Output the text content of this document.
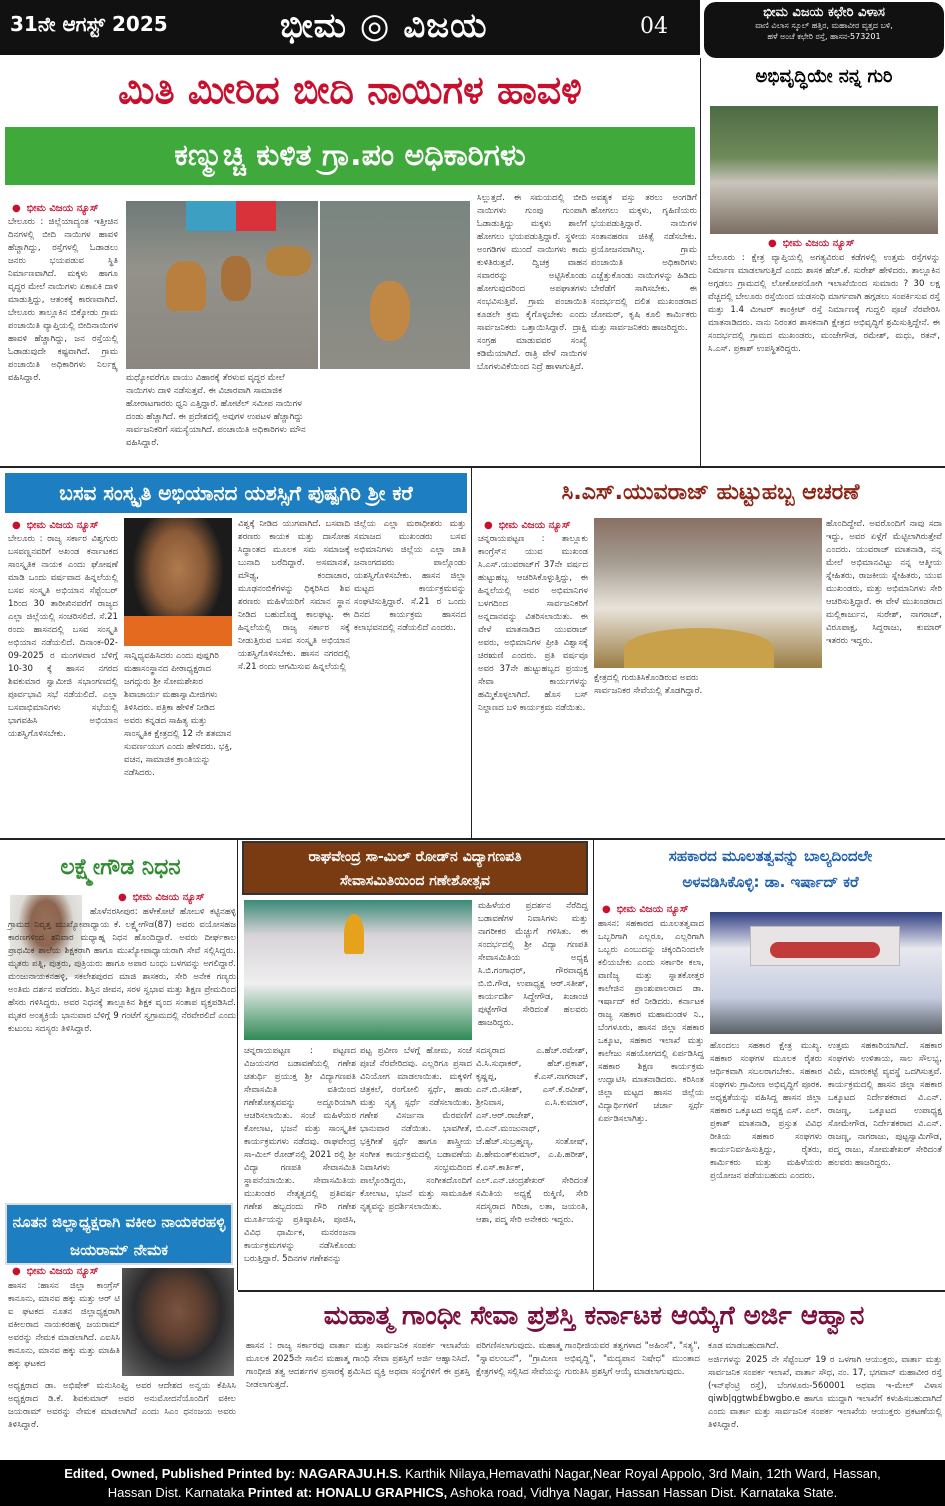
31ನೇ ಆಗಸ್ಟ್ 2025	ಭೀಮ ◎ ವಿಜಯ	04
ಭೀಮ ವಿಜಯ ಕಛೇರಿ ವಿಳಾಸ
ವಾಣಿ ವಿಲಾಸ ಸ್ಕೂಲ್ ಹತ್ತಿರ, ಮಹಾವೀರ ವೃತ್ತದ ಬಳಿ,
ಹಳೆ ಅಂಚೆ ಕಛೇರಿ ರಸ್ತೆ, ಹಾಸನ-573201
ಮಿತಿ ಮೀರಿದ ಬೀದಿ ನಾಯಿಗಳ ಹಾವಳಿ
ಕಣ್ಮುಚ್ಚಿ ಕುಳಿತ ಗ್ರಾ.ಪಂ ಅಧಿಕಾರಿಗಳು
● ಭೀಮ ವಿಜಯ ನ್ಯೂಸ್
ಬೇಲೂರು : ಜಿಲ್ಲೆಯಾದ್ಯಂತ ಇತ್ತೀಚಿನ ದಿನಗಳಲ್ಲಿ ಬೀದಿ ನಾಯಿಗಳ ಹಾವಳಿ ಹೆಚ್ಚಾಗಿದ್ದು, ರಸ್ತೆಗಳಲ್ಲಿ ಓಡಾಡಲು ಜನರು ಭಯಪಡುವ ಸ್ಥಿತಿ ನಿರ್ಮಾಣವಾಗಿದೆ. ಮಕ್ಕಳು ಹಾಗೂ ವೃದ್ಧರ ಮೇಲೆ ನಾಯಿಗಳು ಏಕಾಏಕಿ ದಾಳಿ ಮಾಡುತ್ತಿದ್ದು, ಆತಂಕಕ್ಕೆ ಕಾರಣವಾಗಿದೆ. ಬೇಲೂರು ತಾಲ್ಲೂಕಿನ ಬಿಕ್ಕೋಡು ಗ್ರಾಮ ಪಂಚಾಯಿತಿ ವ್ಯಾಪ್ತಿಯಲ್ಲಿ ಬೀದಿನಾಯಿಗಳ ಹಾವಳಿ ಹೆಚ್ಚಾಗಿದ್ದು, ಜನ ರಸ್ತೆಯಲ್ಲಿ ಓಡಾಡುವುದೇ ಕಷ್ಟವಾಗಿದೆ. ಗ್ರಾಮ ಪಂಚಾಯಿತಿ ಅಧಿಕಾರಿಗಳು ನಿರ್ಲಕ್ಷ್ಯ ವಹಿಸಿದ್ದಾರೆ.	ಮಧ್ಯೋವರೆಗೂ ವಾಯು ವಿಹಾರಕ್ಕೆ ತೆರಳುವ ವೃದ್ಧರ ಮೇಲೆ ನಾಯಿಗಳು ದಾಳಿ ನಡೆಸುತ್ತವೆ. ಈ ವಿಚಾರವಾಗಿ ಸಾಮಾಜಿಕ ಹೋರಾಟಗಾರರು ಧ್ವನಿ ಎತ್ತಿದ್ದಾರೆ. ಹೋಟೆಲ್ ಸಮೀಪ ನಾಯಿಗಳ ದಂಡು ಹೆಚ್ಚಾಗಿದೆ. ಈ ಪ್ರದೇಶದಲ್ಲಿ ಅವುಗಳ ಉಪಟಳ ಹೆಚ್ಚಾಗಿದ್ದು ಸಾರ್ವಜನಿಕರಿಗೆ ಸಮಸ್ಯೆಯಾಗಿದೆ. ಪಂಚಾಯಿತಿ ಅಧಿಕಾರಿಗಳು ಮೌನ ವಹಿಸಿದ್ದಾರೆ.
ಸಿಲ್ಲುತ್ತದೆ. ಈ ಸಮಯದಲ್ಲಿ ಬೀದಿ ನಾಯಿಗಳು ಗುಂಪು ಗುಂಪಾಗಿ ಓಡಾಡುತ್ತಿದ್ದು ಮಕ್ಕಳು ಶಾಲೆಗೆ ಹೋಗಲು ಭಯಪಡುತ್ತಿದ್ದಾರೆ. ಸ್ಥಳೀಯ ಅಂಗಡಿಗಳ ಮುಂದೆ ನಾಯಿಗಳು ಕಾದು ಕುಳಿತಿರುತ್ತವೆ. ದ್ವಿಚಕ್ರ ವಾಹನ ಸವಾರರನ್ನು ಅಟ್ಟಿಸಿಕೊಂಡು ಹೋಗುವುದರಿಂದ ಅಪಘಾತಗಳು ಸಂಭವಿಸುತ್ತಿವೆ. ಗ್ರಾಮ ಪಂಚಾಯಿತಿ ಕೂಡಲೇ ಕ್ರಮ ಕೈಗೊಳ್ಳಬೇಕು ಎಂದು ಸಾರ್ವಜನಿಕರು ಒತ್ತಾಯಿಸಿದ್ದಾರೆ. ದ್ರಾಕ್ಷಿ ಸಂಗ್ರಹ ಮಾಡುವವರ ಸಂಖ್ಯೆ ಕಡಿಮೆಯಾಗಿದೆ. ರಾತ್ರಿ ವೇಳೆ ನಾಯಿಗಳ ಬೊಗಳುವಿಕೆಯಿಂದ ನಿದ್ರೆ ಹಾಳಾಗುತ್ತಿದೆ.
ಅವಶ್ಯಕ ವಸ್ತು ತರಲು ಅಂಗಡಿಗೆ ಹೋಗಲು ಮಕ್ಕಳು, ಗೃಹಿಣಿಯರು ಭಯಪಡುತ್ತಿದ್ದಾರೆ. ನಾಯಿಗಳ ಸಂತಾನಹರಣ ಚಿಕಿತ್ಸೆ ನಡೆಸಬೇಕು. ಪ್ರಯೋಜನವಾಗಿಲ್ಲ. ಗ್ರಾಮ ಪಂಚಾಯಿತಿ ಅಧಿಕಾರಿಗಳು ಎಚ್ಚೆತ್ತುಕೊಂಡು ನಾಯಿಗಳನ್ನು ಹಿಡಿದು ಬೇರೆಡೆಗೆ ಸಾಗಿಸಬೇಕು. ಈ ಸಂದರ್ಭದಲ್ಲಿ ದಲಿತ ಮುಖಂಡರಾದ ಜೋಮರ್, ಕೃಷಿ ಕೂಲಿ ಕಾರ್ಮಿಕರು ಮತ್ತು ಸಾರ್ವಜನಿಕರು ಹಾಜರಿದ್ದರು.
ಅಭಿವೃದ್ಧಿಯೇ ನನ್ನ ಗುರಿ
● ಭೀಮ ವಿಜಯ ನ್ಯೂಸ್
ಬೇಲೂರು : ಕ್ಷೇತ್ರ ವ್ಯಾಪ್ತಿಯಲ್ಲಿ ಅಗತ್ಯವಿರುವ ಕಡೆಗಳಲ್ಲಿ ಉತ್ತಮ ರಸ್ತೆಗಳನ್ನು ನಿರ್ಮಾಣ ಮಾಡಲಾಗುತ್ತಿದೆ ಎಂದು ಶಾಸಕ ಹೆಚ್.ಕೆ. ಸುರೇಶ್ ಹೇಳಿದರು. ತಾಲ್ಲೂಕಿನ ಅಗ್ಗಡಲು ಗ್ರಾಮದಲ್ಲಿ ಲೋಕೋಪಯೋಗಿ ಇಲಾಖೆಯಿಂದ ಸುಮಾರು ? 30 ಲಕ್ಷ ವೆಚ್ಚದಲ್ಲಿ ಬೇಲೂರು ರಸ್ತೆಯಿಂದ ಯಡಸಂಧಿ ಮಾರ್ಗವಾಗಿ ಹಗ್ಗಡಲು ಸಂಪರ್ಕಿಸುವ ರಸ್ತೆ ಮತ್ತು 1.4 ಮೀಟರ್ ಕಾಂಕ್ರೀಟ್ ರಸ್ತೆ ನಿರ್ಮಾಣಕ್ಕೆ ಗುದ್ದಲಿ ಪೂಜೆ ನೆರವೇರಿಸಿ ಮಾತನಾಡಿದರು. ನಾನು ನಿರಂತರ ಶಾಸಕನಾಗಿ ಕ್ಷೇತ್ರದ ಅಭಿವೃದ್ಧಿಗೆ ಶ್ರಮಿಸುತ್ತಿದ್ದೇನೆ. ಈ ಸಂದರ್ಭದಲ್ಲಿ ಗ್ರಾಮದ ಮುಖಂಡರು, ಮಂಜೇಗೌಡ, ರಮೇಶ್, ಮಧು, ರತನ್, ಸಿ.ಎಸ್. ಪ್ರಕಾಶ್ ಉಪಸ್ಥಿತರಿದ್ದರು.
ಬಸವ ಸಂಸ್ಕೃತಿ ಅಭಿಯಾನದ ಯಶಸ್ಸಿಗೆ ಪುಷ್ಪಗಿರಿ ಶ್ರೀ ಕರೆ
● ಭೀಮ ವಿಜಯ ನ್ಯೂಸ್
ಬೇಲೂರು : ರಾಜ್ಯ ಸರ್ಕಾರ ವಿಶ್ವಗುರು ಬಸವಣ್ಣನವರಿಗೆ ಅಖಂಡ ಕರ್ನಾಟಕದ ಸಾಂಸ್ಕೃತಿಕ ನಾಯಕ ಎಂದು ಘೋಷಣೆ ಮಾಡಿ ಒಂದು ವರ್ಷವಾದ ಹಿನ್ನಲೆಯಲ್ಲಿ ಬಸವ ಸಂಸ್ಕೃತಿ ಅಭಿಯಾನ ಸೆಪ್ಟೆಂಬರ್ 1ರಿಂದ 30 ತಾರೀಖಿನವರೆಗೆ ರಾಜ್ಯದ ಎಲ್ಲಾ ಜಿಲ್ಲೆಯಲ್ಲಿ ಸಂಚರಿಸಲಿದೆ. ಸೆ.21 ರಂದು ಹಾಸನದಲ್ಲಿ ಬಸವ ಸಂಸ್ಕೃತಿ ಅಭಿಯಾನ ನಡೆಯಲಿದೆ. ದಿನಾಂಕ-02-09-2025 ರ ಮಂಗಳವಾರ ಬೆಳಿಗ್ಗೆ 10-30 ಕ್ಕೆ ಹಾಸನ ನಗರದ ಶಿವಕುಮಾರ ಸ್ವಾಮೀಜಿ ಸಭಾಂಗಣದಲ್ಲಿ ಪೂರ್ವಭಾವಿ ಸಭೆ ನಡೆಯಲಿದೆ. ಎಲ್ಲಾ ಬಸವಾಭಿಮಾನಿಗಳು ಸಭೆಯಲ್ಲಿ ಭಾಗವಹಿಸಿ ಅಭಿಯಾನ ಯಶಸ್ವಿಗೊಳಿಸಬೇಕು.
ಸಾನ್ನಿಧ್ಯವಹಿಸಿದರು ಎಂದು ಪುಷ್ಪಗಿರಿ ಮಹಾಸಂಸ್ಥಾನದ ಪೀಠಾಧ್ಯಕ್ಷರಾದ ಜಗದ್ಗುರು ಶ್ರೀ ಸೋಮಶೇಖರ ಶಿವಾಚಾರ್ಯ ಮಹಾಸ್ವಾಮೀಜಿಗಳು ತಿಳಿಸಿದರು. ಪತ್ರಿಕಾ ಹೇಳಿಕೆ ನೀಡಿದ ಅವರು ಕನ್ನಡದ ಸಾಹಿತ್ಯ ಮತ್ತು ಸಾಂಸ್ಕೃತಿಕ ಕ್ಷೇತ್ರದಲ್ಲಿ 12 ನೇ ಶತಮಾನ ಸುವರ್ಣಯುಗ ಎಂದು ಹೇಳಿದರು. ಭಕ್ತಿ, ವಚನ, ಸಾಮಾಜಿಕ ಕ್ರಾಂತಿಯನ್ನು ನಡೆಸಿದರು.
ವಿಶ್ವಕ್ಕೆ ನೀಡಿದ ಯುಗವಾಗಿದೆ. ಬಸವಾದಿ ಶರಣರು ಕಾಯಕ ಮತ್ತು ದಾಸೋಹ ಸಿದ್ಧಾಂತದ ಮೂಲಕ ಸಮ ಸಮಾಜಕ್ಕೆ ಬುನಾದಿ ಬರೆದಿದ್ದಾರೆ. ಅಸಮಾನತೆ, ಮೌಢ್ಯ, ಕಂದಾಚಾರ, ಮೂಢನಂಬಿಕೆಗಳನ್ನು ಧಿಕ್ಕರಿಸಿದ ಶಿವ ಶರಣರು ಮಹಿಳೆಯರಿಗೆ ಸಮಾನ ಸ್ಥಾನ ನೀಡಿದ ಬಹುದೊಡ್ಡ ಕಾಲಘಟ್ಟ. ಈ ಹಿನ್ನಲೆಯಲ್ಲಿ ರಾಜ್ಯ ಸರ್ಕಾರ ಸಕ್ಕೆ ನೀಡುತ್ತಿರುವ ಬಸವ ಸಂಸ್ಕೃತಿ ಅಭಿಯಾನ ಯಶಸ್ವಿಗೊಳಿಸಬೇಕು. ಹಾಸನ ನಗರದಲ್ಲಿ ಸೆ.21 ರಂದು ಆಗಮಿಸುವ ಹಿನ್ನಲೆಯಲ್ಲಿ
ಜಿಲ್ಲೆಯ ಎಲ್ಲಾ ಮಠಾಧೀಶರು ಮತ್ತು ಸಮಾಜದ ಮುಖಂಡರು ಬಸವ ಅಭಿಮಾನಿಗಳು ಜಿಲ್ಲೆಯ ಎಲ್ಲಾ ಜಾತಿ ಜನಾಂಗದವರು ಪಾಲ್ಗೊಂಡು ಯಶಸ್ವಿಗೊಳಿಸಬೇಕು. ಹಾಸನ ಜಿಲ್ಲಾ ಮಟ್ಟದ ಕಾರ್ಯಕ್ರಮವನ್ನು ಸಂಘಟಿಸುತ್ತಿದ್ದಾರೆ. ಸೆ.21 ರ ಒಂದು ದಿನದ ಕಾರ್ಯಕ್ರಮ ಹಾಸನದ ಕಲಾಭವನದಲ್ಲಿ ನಡೆಯಲಿದೆ ಎಂದರು.
ಸಿ.ಎಸ್.ಯುವರಾಜ್ ಹುಟ್ಟುಹಬ್ಬ ಆಚರಣೆ
● ಭೀಮ ವಿಜಯ ನ್ಯೂಸ್
ಚನ್ನರಾಯಪಟ್ಟಣ : ತಾಲ್ಲೂಕು ಕಾಂಗ್ರೆಸ್‌ನ ಯುವ ಮುಖಂಡ ಸಿ.ಎಸ್.ಯುವರಾಜ್‌ಗೆ 37ನೇ ವರ್ಷದ ಹುಟ್ಟುಹಬ್ಬ ಆಚರಿಸಿಕೊಳ್ಳುತ್ತಿದ್ದು, ಈ ಹಿನ್ನಲೆಯಲ್ಲಿ ಅವರ ಅಭಿಮಾನಿಗಳ ಬಳಗದಿಂದ ಸಾರ್ವಜನಿಕರಿಗೆ ಅನ್ನದಾನವನ್ನು ವಿತರಿಸಲಾಯಿತು. ಈ ವೇಳೆ ಮಾತನಾಡಿದ ಯುವರಾಜ್ ಅವರು, ಅಭಿಮಾನಿಗಳ ಪ್ರೀತಿ ವಿಶ್ವಾಸಕ್ಕೆ ಚಿರಋಣಿ ಎಂದರು. ಪ್ರತಿ ವರ್ಷವೂ ಅವರ 37ನೇ ಹುಟ್ಟುಹಬ್ಬದ ಪ್ರಯುಕ್ತ ಸೇವಾ ಕಾರ್ಯಗಳನ್ನು ಹಮ್ಮಿಕೊಳ್ಳಲಾಗಿದೆ. ಹೊಸ ಬಸ್ ನಿಲ್ದಾಣದ ಬಳಿ ಕಾರ್ಯಕ್ರಮ ನಡೆಯಿತು.
ಕ್ಷೇತ್ರದಲ್ಲಿ ಗುರುತಿಸಿಕೊಂಡಿರುವ ಅವರು ಸಾರ್ವಜನಿಕರ ಸೇವೆಯಲ್ಲಿ ತೊಡಗಿದ್ದಾರೆ.
ಹೊಂದಿದ್ದೇವೆ. ಅವರೊಂದಿಗೆ ನಾವು ಸದಾ ಇದ್ದು, ಅವರ ಏಳ್ಗೆಗೆ ಮೆಟ್ಟಿಲಾಗಿರುತ್ತೇವೆ ಎಂದರು. ಯುವರಾಜ್ ಮಾತನಾಡಿ, ನನ್ನ ಮೇಲೆ ಅಭಿಮಾನವಿಟ್ಟು ನನ್ನ ಆತ್ಮೀಯ ಸ್ನೇಹಿತರು, ರಾಜಕೀಯ ಸ್ನೇಹಿತರು, ಯುವ ಮುಖಂಡರು, ಮತ್ತು ಅಭಿಮಾನಿಗಳು ಸೇರಿ ಆಚರಿಸುತ್ತಿದ್ದಾರೆ. ಈ ವೇಳೆ ಮುಖಂಡರಾದ ಮಲ್ಲಿಕಾರ್ಜುನ, ಸುರೇಶ್, ನಾಗರಾಜ್, ವಿರೂಪಾಕ್ಷ, ಸಿದ್ದರಾಜು, ಕುಮಾರ್ ಇತರರು ಇದ್ದರು.
ಲಕ್ಷ್ಮೇಗೌಡ ನಿಧನ
● ಭೀಮ ವಿಜಯ ನ್ಯೂಸ್
ಹೊಳೆನರಸೀಪುರ: ಹಳೇಕೋಟೆ ಹೋಬಳಿ ಕಟ್ಟಿನಹಳ್ಳಿ ಗ್ರಾಮದ ನಿವೃತ್ತ ಮುಖ್ಯೋಪಾಧ್ಯಾಯ ಕೆ. ಲಕ್ಷ್ಮೇಗೌಡ(87) ಅವರು ವಯೋಸಹಜ ಕಾರಣಗಳಿಂದ ಶನಿವಾರ ಮಧ್ಯಾಹ್ನ ನಿಧನ ಹೊಂದಿದ್ದಾರೆ. ಅವರು ದೀರ್ಘಕಾಲ ಪ್ರಾಥಮಿಕ ಶಾಲೆಯ ಶಿಕ್ಷಕರಾಗಿ ಹಾಗೂ ಮುಖ್ಯೋಪಾಧ್ಯಾಯರಾಗಿ ಸೇವೆ ಸಲ್ಲಿಸಿದ್ದರು. ಮೃತರು ಪತ್ನಿ, ಪುತ್ರರು, ಪುತ್ರಿಯರು ಹಾಗೂ ಅಪಾರ ಬಂಧು ಬಳಗವನ್ನು ಅಗಲಿದ್ದಾರೆ. ಮಂಜುನಾಯಕನಹಳ್ಳಿ, ಸಕಲೇಶಪುರದ ಮಾಜಿ ಶಾಸಕರು, ಸೇರಿ ಅನೇಕ ಗಣ್ಯರು ಅಂತಿಮ ದರ್ಶನ ಪಡೆದರು. ಶಿಸ್ತಿನ ಜೀವನ, ಸರಳ ಸ್ವಭಾವ ಮತ್ತು ಶಿಕ್ಷಣ ಪ್ರೇಮದಿಂದ ಹೆಸರು ಗಳಿಸಿದ್ದರು. ಅವರ ನಿಧನಕ್ಕೆ ತಾಲ್ಲೂಕಿನ ಶಿಕ್ಷಕ ವೃಂದ ಸಂತಾಪ ವ್ಯಕ್ತಪಡಿಸಿದೆ. ಮೃತರ ಅಂತ್ಯಕ್ರಿಯೆ ಭಾನುವಾರ ಬೆಳಿಗ್ಗೆ 9 ಗಂಟೆಗೆ ಸ್ವಗ್ರಾಮದಲ್ಲಿ ನೆರವೇರಲಿದೆ ಎಂದು ಕುಟುಂಬ ಸದಸ್ಯರು ತಿಳಿಸಿದ್ದಾರೆ.
ನೂತನ ಜಿಲ್ಲಾಧ್ಯಕ್ಷರಾಗಿ ವಕೀಲ ನಾಯಕರಹಳ್ಳಿ ಜಯರಾಮ್ ನೇಮಕ
● ಭೀಮ ವಿಜಯ ನ್ಯೂಸ್
ಹಾಸನ :ಹಾಸನ ಜಿಲ್ಲಾ ಕಾಂಗ್ರೆಸ್ ಕಾನೂನು, ಮಾನವ ಹಕ್ಕು ಮತ್ತು ಆರ್ ಟಿ ಐ ಘಟಕದ ನೂತನ ಜಿಲ್ಲಾಧ್ಯಕ್ಷರಾಗಿ ವಕೀಲರಾದ ನಾಯಕರಹಳ್ಳಿ ಜಯರಾಮ್ ಅವರನ್ನು ನೇಮಕ ಮಾಡಲಾಗಿದೆ. ಎಐಸಿಸಿ ಕಾನೂನು, ಮಾನವ ಹಕ್ಕು ಮತ್ತು ಮಾಹಿತಿ ಹಕ್ಕು ಘಟಕದ
ಅಧ್ಯಕ್ಷರಾದ ಡಾ. ಅಭಿಷೇಕ್ ಮನುಸಿಂಘ್ವಿ ಅವರ ಆದೇಶದ ಅನ್ವಯ ಕೆಪಿಸಿಸಿ ಅಧ್ಯಕ್ಷರಾದ ಡಿ.ಕೆ. ಶಿವಕುಮಾರ್ ಅವರ ಅನುಮೋದನೆಯೊಂದಿಗೆ ವಕೀಲ ಜಯರಾಮ್ ಅವರನ್ನು ನೇಮಕ ಮಾಡಲಾಗಿದೆ ಎಂದು ಸಿಎಂ ಧನಂಜಯ ಅವರು ತಿಳಿಸಿದ್ದಾರೆ.
ರಾಘವೇಂದ್ರ ಸಾ-ಮಿಲ್ ರೋಡ್‌ನ ವಿದ್ಯಾಗಣಪತಿ
ಸೇವಾಸಮಿತಿಯಿಂದ ಗಣೇಶೋತ್ಸವ
ಮಹಿಳೆಯರ ಪ್ರದರ್ಶನ ನೆರೆದಿದ್ದ ಬಡಾವಣೆಗಳ ನಿವಾಸಿಗಳು ಮತ್ತು ನಾಗರೀಕರ ಮೆಚ್ಚುಗೆ ಗಳಿಸಿತು. ಈ ಸಂದರ್ಭದಲ್ಲಿ ಶ್ರೀ ವಿದ್ಯಾ ಗಣಪತಿ ಸೇವಾಸಮಿತಿಯ ಅಧ್ಯಕ್ಷ ಸಿ.ಬಿ.ಗಂಗಾಧರ್, ಗೌರವಾಧ್ಯಕ್ಷ ಬಿ.ಬಿ.ಗೌಡ, ಉಪಾಧ್ಯಕ್ಷ ಆರ್.ಸತೀಶ್, ಕಾರ್ಯದರ್ಶಿ ಸಿದ್ದೇಗೌಡ, ಖಜಾಂಚಿ ಪುಟ್ಟೇಗೌಡ ಸೇರಿದಂತೆ ಹಲವರು ಹಾಜರಿದ್ದರು.
ಚನ್ನರಾಯಪಟ್ಟಣ : ಪಟ್ಟಣದ ವಿಜಯನಗರ ಬಡಾವಣೆಯಲ್ಲಿ ಗಣೇಶ ಚತುರ್ಥಿ ಪ್ರಯುಕ್ತ ಶ್ರೀ ವಿದ್ಯಾಗಣಪತಿ ಸೇವಾಸಮಿತಿ ವತಿಯಿಂದ ಗಣೇಶೋತ್ಸವವನ್ನು ಅದ್ದೂರಿಯಾಗಿ ಆಚರಿಸಲಾಯಿತು. ಸಂಜೆ ಮಹಿಳೆಯರ ಕೋಲಾಟ, ಭಜನೆ ಮತ್ತು ಸಾಂಸ್ಕೃತಿಕ ಕಾರ್ಯಕ್ರಮಗಳು ನಡೆದವು. ರಾಘವೇಂದ್ರ ಸಾ-ಮಿಲ್ ರೋಡ್‌ನಲ್ಲಿ 2021 ರಲ್ಲಿ ಶ್ರೀ ವಿದ್ಯಾ ಗಣಪತಿ ಸೇವಾಸಮಿತಿ ಸ್ಥಾಪನೆಯಾಯಿತು. ಸೇವಾಸಮಿತಿಯ ಮುಖಂಡರ ನೇತೃತ್ವದಲ್ಲಿ ಪ್ರತಿವರ್ಷ ಗಣೇಶ ಹಬ್ಬದಂದು ಗೌರಿ ಗಣೇಶ ಮೂರ್ತಿಯನ್ನು ಪ್ರತಿಷ್ಠಾಪಿಸಿ, ಪೂಜಿಸಿ, ವಿವಿಧ ಧಾರ್ಮಿಕ, ಮನರಂಜನಾ ಕಾರ್ಯಕ್ರಮಗಳನ್ನು ನಡೆಸಿಕೊಂಡು ಬರುತ್ತಿದ್ದಾರೆ. 5ದಿನಗಳ ಗಣೇಶನನ್ನು
ಪಟ್ಟ ಪ್ರವೀಣ ಬೆಳಗ್ಗೆ ಹೋಮ, ಸಂಜೆ ಪೂಜೆ ನೆರವೇರಿದವು. ಎಲ್ಲರಿಗೂ ಪ್ರಸಾದ ವಿನಿಯೋಗ ಮಾಡಲಾಯಿತು. ಮಕ್ಕಳಿಗೆ ಚಿತ್ರಕಲೆ, ರಂಗೋಲಿ ಸ್ಪರ್ಧೆ, ಹಾಡು ಮತ್ತು ನೃತ್ಯ ಸ್ಪರ್ಧೆ ನಡೆಸಲಾಯಿತು. ಗಣೇಶ ವಿಸರ್ಜನಾ ಮೆರವಣಿಗೆ ಭಾನುವಾರ ನಡೆಯಿತು. ಭಾವಗೀತೆ, ಭಕ್ತಿಗೀತೆ ಸ್ಪರ್ಧೆ ಹಾಗೂ ಶಾಸ್ತ್ರೀಯ ಸಂಗೀತ ಕಾರ್ಯಕ್ರಮದಲ್ಲಿ ಬಡಾವಣೆಯ ನಿವಾಸಿಗಳು ಸಂಭ್ರಮದಿಂದ ಪಾಲ್ಗೊಂಡಿದ್ದರು, ಸಂಗೀತದೊಂದಿಗೆ ಕೋಲಾಟ, ಭಜನೆ ಮತ್ತು ಸಾಮೂಹಿಕ ನೃತ್ಯವನ್ನು ಪ್ರದರ್ಶಿಸಲಾಯಿತು.
ಸದಸ್ಯರಾದ ಎ.ಹೆಚ್.ರಮೇಶ್, ವಿ.ಸಿ.ಸುಧಾಕರ್, ಹೆಚ್.ಪ್ರಕಾಶ್, ಕೃಷ್ಣಪ್ಪ, ಕೆ.ಎಸ್.ನಾಗರಾಜ್, ಎನ್.ಬಿ.ಸತೀಶ್, ಎಸ್.ಕೆ.ರವೀಶ್, ಶ್ರೀನಿವಾಸ, ಎ.ಸಿ.ಕುಮಾರ್, ಎಸ್.ಆರ್.ರಾಜೇಶ್, ಬಿ.ಎನ್.ಮಂಜುನಾಥ್, ಜೆ.ಹೆಚ್.ಸುಬ್ರಹ್ಮಣ್ಯ, ಸಂತೋಷ್, ಪಿ.ಹೇಮಂತ್‌ಕುಮಾರ್, ಎ.ಪಿ.ಹರೀಶ್, ಕೆ.ಎಸ್.ಕಾರ್ತಿಕ್, ಎಲ್.ಎನ್.ಚಂದ್ರಶೇಖರ್ ಸೇರಿದಂತೆ ಸಮಿತಿಯ ಅಧ್ಯಕ್ಷೆ ರುಕ್ಮಿಣಿ, ಸೇರಿ ಸದಸ್ಯರಾದ ಗಿರಿಜಾ, ಲತಾ, ಜಯಂತಿ, ಆಶಾ, ಪದ್ಮ ಸೇರಿ ಅನೇಕರು ಇದ್ದರು.
ಸಹಕಾರದ ಮೂಲತತ್ವವನ್ನು ಬಾಲ್ಯದಿಂದಲೇ
ಅಳವಡಿಸಿಕೊಳ್ಳಿ: ಡಾ. ಇರ್ಷಾದ್ ಕರೆ
● ಭೀಮ ವಿಜಯ ನ್ಯೂಸ್
ಹಾಸನ: ಸಹಕಾರದ ಮೂಲತತ್ವವಾದ ಒಬ್ಬರಿಗಾಗಿ ಎಲ್ಲರೂ, ಎಲ್ಲರಿಗಾಗಿ ಒಬ್ಬರು ಎಂಬುದನ್ನು ಚಿಕ್ಕಂದಿನಿಂದಲೇ ಕಲಿಯಬೇಕು ಎಂದು ಸರ್ಕಾರೀ ಕಲಾ, ವಾಣಿಜ್ಯ ಮತ್ತು ಸ್ನಾತಕೋತ್ತರ ಕಾಲೇಜಿನ ಪ್ರಾಂಶುಪಾಲರಾದ ಡಾ. ಇರ್ಷಾದ್ ಕರೆ ನೀಡಿದರು. ಕರ್ನಾಟಕ ರಾಜ್ಯ ಸಹಕಾರ ಮಹಾಮಂಡಳ ನಿ., ಬೆಂಗಳೂರು, ಹಾಸನ ಜಿಲ್ಲಾ ಸಹಕಾರ ಒಕ್ಕೂಟ, ಸಹಕಾರ ಇಲಾಖೆ ಮತ್ತು ಕಾಲೇಜು ಸಹಯೋಗದಲ್ಲಿ ಏರ್ಪಡಿಸಿದ್ದ ಸಹಕಾರ ಶಿಕ್ಷಣ ಕಾರ್ಯಕ್ರಮ ಉದ್ಘಾಟಿಸಿ ಮಾತನಾಡಿದರು. ಕರಿಸಿಂತ ಜಿಲ್ಲಾ ಮಟ್ಟದ ಹಾಸನ ಜಿಲ್ಲೆಯ ವಿದ್ಯಾರ್ಥಿಗಳಿಗೆ ಚರ್ಚಾ ಸ್ಪರ್ಧೆ ಏರ್ಪಡಿಸಲಾಗಿತ್ತು.
ಹೊಂದಲು ಸಹಕಾರ ಕ್ಷೇತ್ರ ಮುಖ್ಯ. ಸಹಕಾರ ಸಂಘಗಳ ಮೂಲಕ ರೈತರು ಆರ್ಥಿಕವಾಗಿ ಸಬಲರಾಗಬೇಕು. ಸಹಕಾರ ಸಂಘಗಳು ಗ್ರಾಮೀಣ ಅಭಿವೃದ್ಧಿಗೆ ಪೂರಕ. ಅಧ್ಯಕ್ಷತೆಯನ್ನು ವಹಿಸಿದ್ದ ಹಾಸನ ಜಿಲ್ಲಾ ಸಹಕಾರ ಒಕ್ಕೂಟದ ಅಧ್ಯಕ್ಷ ಎಸ್. ಎಲ್. ಪ್ರಕಾಶ್ ಮಾತನಾಡಿ, ಪ್ರಸ್ತುತ ವಿವಿಧ ರೀತಿಯ ಸಹಕಾರ ಸಂಘಗಳು ಕಾರ್ಯನಿರ್ವಹಿಸುತ್ತಿದ್ದು, ರೈತರು, ಕಾರ್ಮಿಕರು ಮತ್ತು ಮಹಿಳೆಯರು ಪ್ರಯೋಜನ ಪಡೆಯಬಹುದು ಎಂದರು.
ಉತ್ತಮ ಸಹಕಾರಿಯಾಗಿದೆ. ಸಹಕಾರ ಸಂಘಗಳು ಉಳಿತಾಯ, ಸಾಲ ಸೌಲಭ್ಯ, ವಿಮೆ, ಮಾರುಕಟ್ಟೆ ವ್ಯವಸ್ಥೆ ಒದಗಿಸುತ್ತವೆ. ಕಾರ್ಯಕ್ರಮದಲ್ಲಿ ಹಾಸನ ಜಿಲ್ಲಾ ಸಹಕಾರ ಒಕ್ಕೂಟದ ನಿರ್ದೇಶಕರಾದ ವಿ.ಎನ್. ರಾಜಣ್ಣ, ಒಕ್ಕೂಟದ ಉಪಾಧ್ಯಕ್ಷ ಸೋಮೇಗೌಡ, ನಿರ್ದೇಶಕರಾದ ವಿ.ಎನ್. ರಾಜಣ್ಣ, ನಾಗರಾಜು, ಪುಟ್ಟಸ್ವಾಮಿಗೌಡ, ಪದ್ಮ ರಾಜು, ಸೋಮಶೇಖರ್ ಸೇರಿದಂತೆ ಹಲವರು ಹಾಜರಿದ್ದರು.
ಮಹಾತ್ಮ ಗಾಂಧೀ ಸೇವಾ ಪ್ರಶಸ್ತಿ ಕರ್ನಾಟಕ ಆಯ್ಕೆಗೆ ಅರ್ಜಿ ಆಹ್ವಾನ
ಹಾಸನ : ರಾಜ್ಯ ಸರ್ಕಾರವು ವಾರ್ತಾ ಮತ್ತು ಸಾರ್ವಜನಿಕ ಸಂಪರ್ಕ ಇಲಾಖೆಯ ಮೂಲಕ 2025ನೇ ಸಾಲಿನ ಮಹಾತ್ಮ ಗಾಂಧಿ ಸೇವಾ ಪ್ರಶಸ್ತಿಗೆ ಅರ್ಜಿ ಆಹ್ವಾನಿಸಿದೆ. ಗಾಂಧೀಜಿ ತತ್ವ ಆದರ್ಶಗಳ ಪ್ರಸಾರಕ್ಕೆ ಶ್ರಮಿಸಿದ ವ್ಯಕ್ತಿ ಅಥವಾ ಸಂಸ್ಥೆಗಳಿಗೆ ಈ ಪ್ರಶಸ್ತಿ ನೀಡಲಾಗುತ್ತದೆ.
ಪರಿಗಣಿಸಲಾಗುವುದು. ಮಹಾತ್ಮ ಗಾಂಧೀಜಿಯವರ ತತ್ವಗಳಾದ "ಅಹಿಂಸೆ", "ಸತ್ಯ", "ಸ್ವಾವಲಂಬನೆ", "ಗ್ರಾಮೀಣ ಅಭಿವೃದ್ಧಿ", "ಮದ್ಯಪಾನ ನಿಷೇಧ" ಮುಂತಾದ ಕ್ಷೇತ್ರಗಳಲ್ಲಿ ಸಲ್ಲಿಸಿದ ಸೇವೆಯನ್ನು ಗುರುತಿಸಿ ಪ್ರಶಸ್ತಿಗೆ ಆಯ್ಕೆ ಮಾಡಲಾಗುವುದು.
ಕೂಡ ಮಾಡಬಹುದಾಗಿದೆ.
ಅರ್ಜಿಗಳನ್ನು 2025 ನೇ ಸೆಪ್ಟೆಂಬರ್ 19 ರ ಒಳಗಾಗಿ ಆಯುಕ್ತರು, ವಾರ್ತಾ ಮತ್ತು ಸಾರ್ವಜನಿಕ ಸಂಪರ್ಕ ಇಲಾಖೆ, ವಾರ್ತಾ ಸೌಧ, ನಂ. 17, ಭಗವಾನ್ ಮಹಾವೀರ ರಸ್ತೆ (ಇನ್‌ಫೆಂಟ್ರಿ ರಸ್ತೆ), ಬೆಂಗಳೂರು-560001 ಅಥವಾ ಇ-ಮೇಲ್ ವಿಳಾಸ qiwb|qgtwb£bwgbo.e ಹಾಗೂ ಮುದ್ದಾಗಿ ಇಲಾಖೆಗೆ ಕಳುಹಿಸಬಹುದಾಗಿದೆ ಎಂದು ವಾರ್ತಾ ಮತ್ತು ಸಾರ್ವಜನಿಕ ಸಂಪರ್ಕ ಇಲಾಖೆಯ ಆಯುಕ್ತರು ಪ್ರಕಟಣೆಯಲ್ಲಿ ತಿಳಿಸಿದ್ದಾರೆ.
Edited, Owned, Published Printed by: NAGARAJU.H.S. Karthik Nilaya,Hemavathi Nagar,Near Royal Appolo, 3rd Main, 12th Ward, Hassan,
Hassan Dist. Karnataka Printed at: HONALU GRAPHICS, Ashoka road, Vidhya Nagar, Hassan Hassan Dist. Karnataka State.
